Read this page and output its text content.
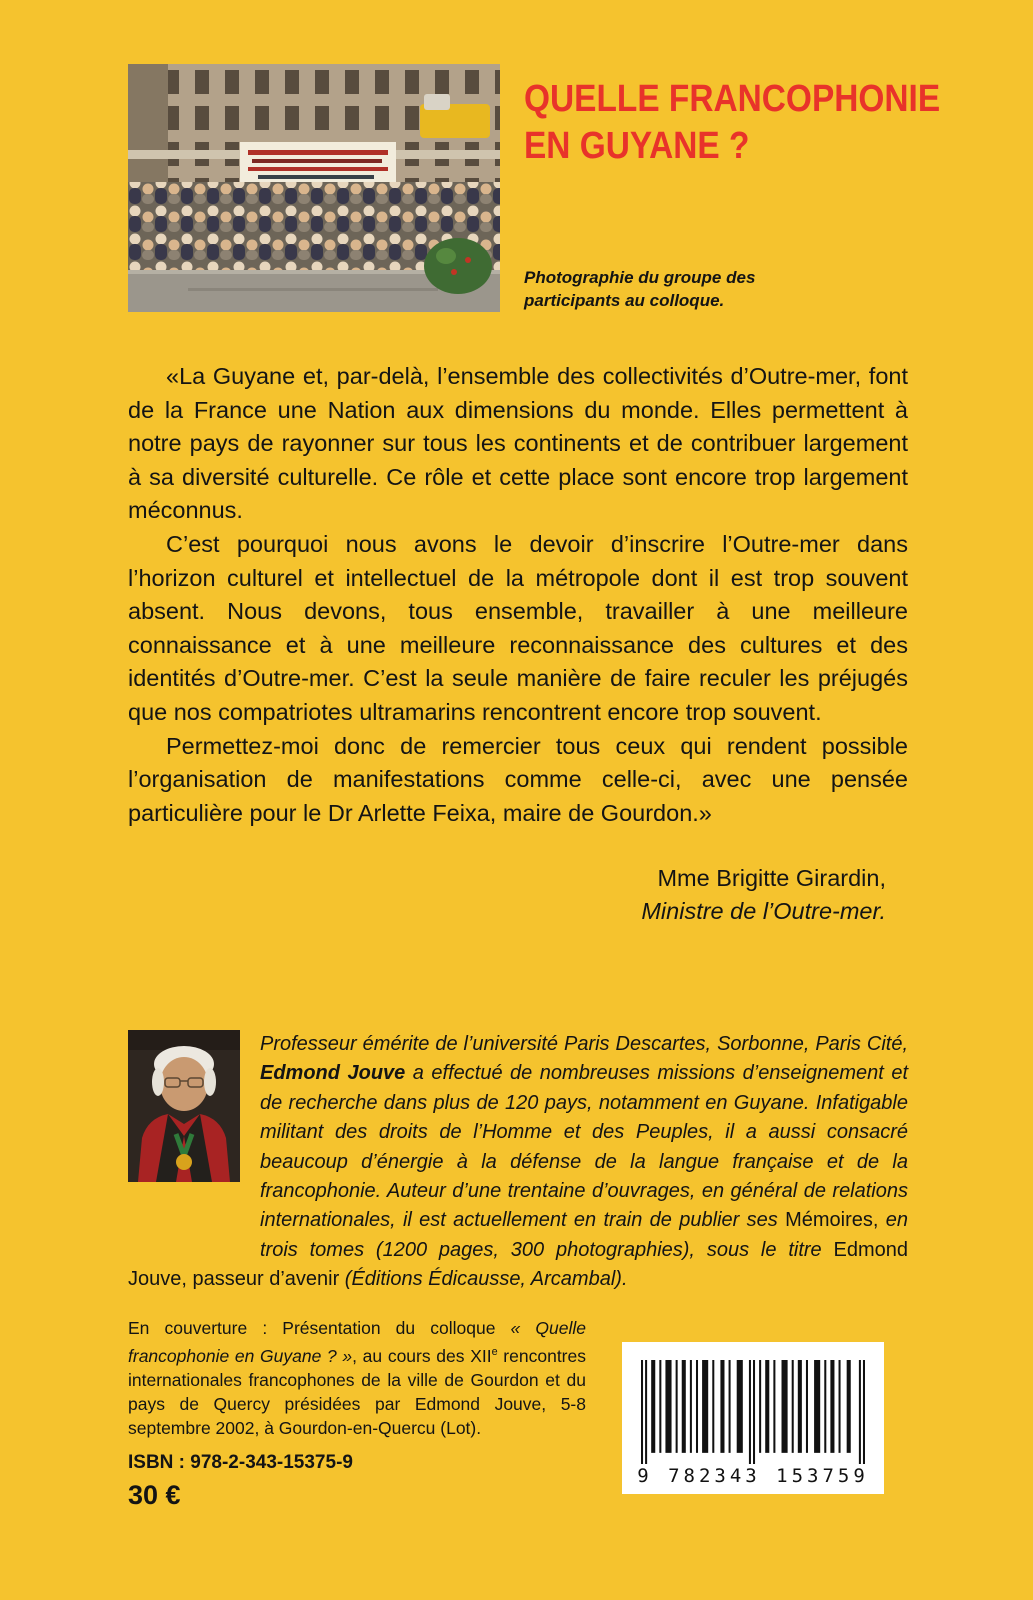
QUELLE FRANCOPHONIE
EN GUYANE ?
Photographie du groupe des participants au colloque.

«La Guyane et, par-delà, l’ensemble des collectivités d’Outre-mer, font de la France une Nation aux dimensions du monde. Elles permettent à notre pays de rayonner sur tous les continents et de contribuer largement à sa diversité culturelle. Ce rôle et cette place sont encore trop largement méconnus.

C’est pourquoi nous avons le devoir d’inscrire l’Outre-mer dans l’horizon culturel et intellectuel de la métropole dont il est trop souvent absent. Nous devons, tous ensemble, travailler à une meilleure connaissance et à une meilleure reconnaissance des cultures et des identités d’Outre-mer. C’est la seule manière de faire reculer les préjugés que nos compatriotes ultramarins rencontrent encore trop souvent.

Permettez-moi donc de remercier tous ceux qui rendent possible l’organisation de manifestations comme celle-ci, avec une pensée particulière pour le Dr Arlette Feixa, maire de Gourdon.»

Mme Brigitte Girardin,
Ministre de l’Outre-mer.

Professeur émérite de l’université Paris Descartes, Sorbonne, Paris Cité, Edmond Jouve a effectué de nombreuses missions d’enseignement et de recherche dans plus de 120 pays, notamment en Guyane. Infatigable militant des droits de l’Homme et des Peuples, il a aussi consacré beaucoup d’énergie à la défense de la langue française et de la francophonie. Auteur d’une trentaine d’ouvrages, en général de relations internationales, il est actuellement en train de publier ses Mémoires, en trois tomes (1200 pages, 300 photographies), sous le titre Edmond Jouve, passeur d’avenir (Éditions Édicausse, Arcambal).

En couverture : Présentation du colloque « Quelle francophonie en Guyane ? », au cours des XIIe rencontres internationales francophones de la ville de Gourdon et du pays de Quercy présidées par Edmond Jouve, 5-8 septembre 2002, à Gourdon-en-Quercu (Lot).
ISBN : 978-2-343-15375-9
30 €
9 782343 153759
